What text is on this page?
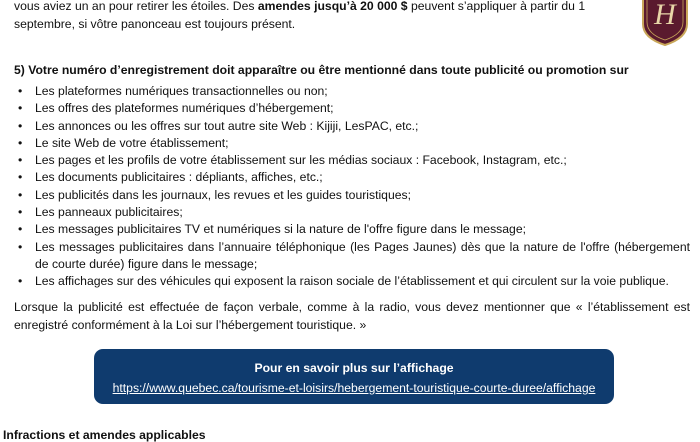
vous aviez un an pour retirer les étoiles. Des amendes jusqu’à 20 000 $ peuvent s’appliquer à partir du 1
septembre, si vôtre panonceau est toujours présent.	H
5) Votre numéro d’enregistrement doit apparaître ou être mentionné dans toute publicité ou promotion sur
• Les plateformes numériques transactionnelles ou non;
• Les offres des plateformes numériques d’hébergement;
• Les annonces ou les offres sur tout autre site Web : Kijiji, LesPAC, etc.;
• Le site Web de votre établissement;
• Les pages et les profils de votre établissement sur les médias sociaux : Facebook, Instagram, etc.;
• Les documents publicitaires : dépliants, affiches, etc.;
• Les publicités dans les journaux, les revues et les guides touristiques;
• Les panneaux publicitaires;
• Les messages publicitaires TV et numériques si la nature de l'offre figure dans le message;
• Les messages publicitaires dans l’annuaire téléphonique (les Pages Jaunes) dès que la nature de l'offre (hébergement de courte durée) figure dans le message;
• Les affichages sur des véhicules qui exposent la raison sociale de l’établissement et qui circulent sur la voie publique.
Lorsque la publicité est effectuée de façon verbale, comme à la radio, vous devez mentionner que « l’établissement est enregistré conformément à la Loi sur l’hébergement touristique. »
Pour en savoir plus sur l’affichage
https://www.quebec.ca/tourisme-et-loisirs/hebergement-touristique-courte-duree/affichage
Infractions et amendes applicables
